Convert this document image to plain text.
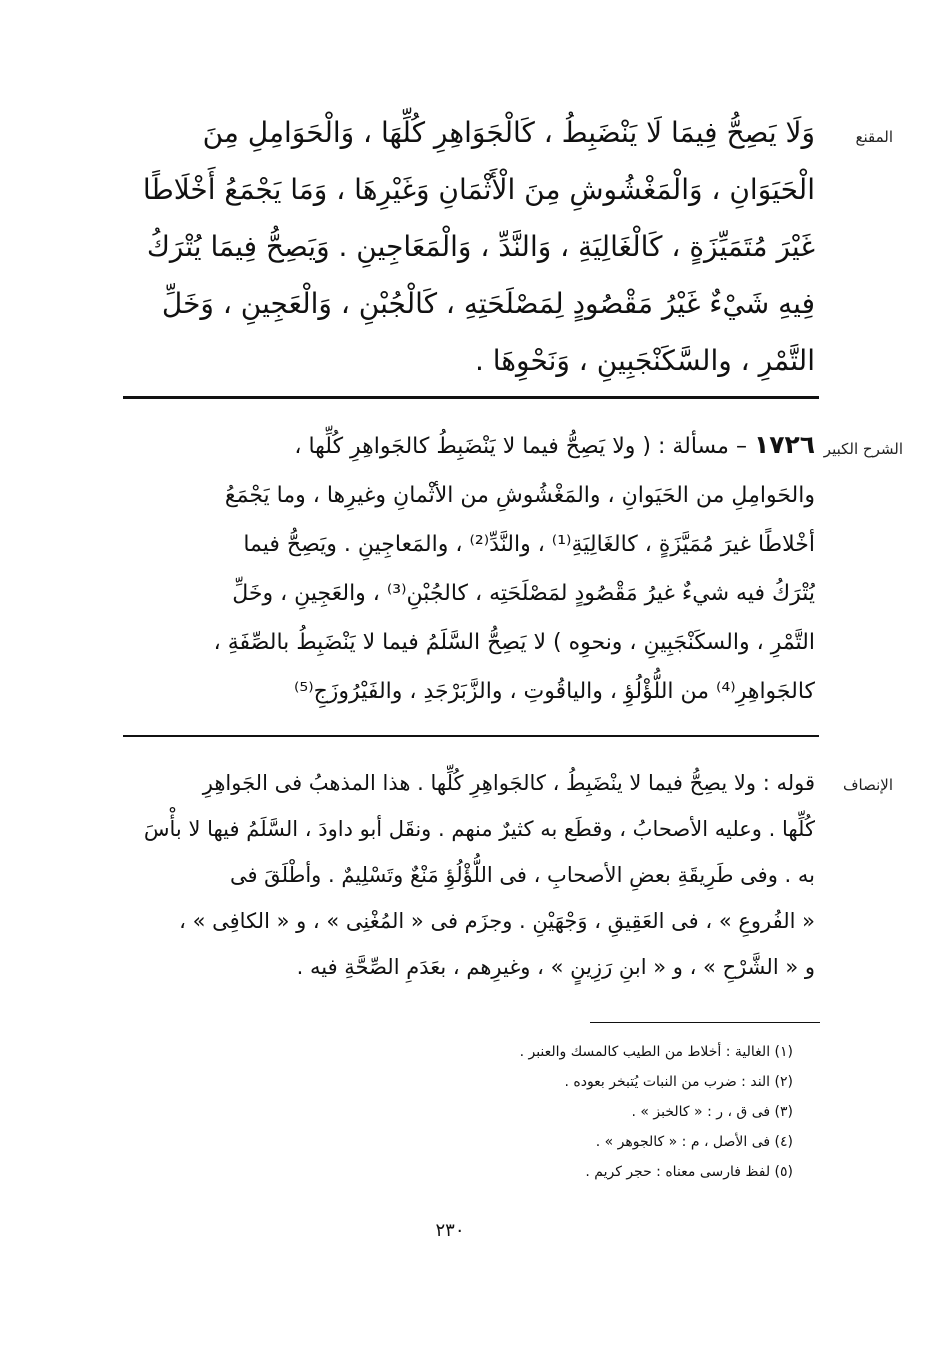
المقنع
وَلَا يَصِحُّ فِيمَا لَا يَنْضَبِطُ ، كَالْجَوَاهِرِ كُلِّهَا ، وَالْحَوَامِلِ مِنَ
الْحَيَوَانِ ، وَالْمَغْشُوشِ مِنَ الْأَثْمَانِ وَغَيْرِهَا ، وَمَا يَجْمَعُ أَخْلَاطًا
غَيْرَ مُتَمَيِّزَةٍ ، كَالْغَالِيَةِ ، وَالنَّدِّ ، وَالْمَعَاجِينِ . وَيَصِحُّ فِيمَا يُتْرَكُ
فِيهِ شَيْءٌ غَيْرُ مَقْصُودٍ لِمَصْلَحَتِهِ ، كَالْجُبْنِ ، وَالْعَجِينِ ، وَخَلِّ
التَّمْرِ ، والسَّكَنْجَبِينِ ، وَنَحْوِهَا .
الشرح الكبير
١٧٢٦ – مسألة : ( ولا يَصِحُّ فيما لا يَنْضَبِطُ كالجَواهِرِ كُلِّها ،
والحَوامِلِ من الحَيَوانِ ، والمَغْشُوشِ من الأثْمانِ وغيرِها ، وما يَجْمَعُ
أخْلاطًا غيرَ مُمَيَّزَةٍ ، كالغَالِيَةِ⁽¹⁾ ، والنَّدِّ⁽²⁾ ، والمَعاجِينِ . ويَصِحُّ فيما
يُتْرَكُ فيه شيءٌ غيرُ مَقْصُودٍ لمَصْلَحَتِه ، كالجُبْنِ⁽³⁾ ، والعَجِينِ ، وخَلِّ
التَّمْرِ ، والسكَنْجَبِينِ ، ونحوِه ) لا يَصِحُّ السَّلَمُ فيما لا يَنْضَبِطُ بالصِّفَةِ ،
كالجَواهِرِ⁽⁴⁾ من اللُّؤْلُؤِ ، والياقُوتِ ، والزَّبَرْجَدِ ، والفَيْرُوزَجِ⁽⁵⁾
الإنصاف
قوله : ولا يصِحُّ فيما لا ينْضَبِطُ ، كالجَواهِرِ كُلِّها . هذا المذهبُ فى الجَواهِرِ
كُلِّها . وعليه الأصحابُ ، وقطَع به كثيرٌ منهم . ونقَل أبو داودَ ، السَّلَمُ فيها لا بأْسَ
به . وفى طَرِيقَةِ بعضِ الأصحابِ ، فى اللُّؤْلُؤِ مَنْعٌ وتَسْلِيمٌ . وأطْلَقَ فى
« الفُروعِ » ، فى العَقِيقِ ، وَجْهَيْنِ . وجزَم فى « المُغْنِى » ، و « الكافِى » ،
و « الشَّرْحِ » ، و « ابنِ رَزِينٍ » ، وغيرِهم ، بعَدَمِ الصِّحَّةِ فيه .
(١) الغالية : أخلاط من الطيب كالمسك والعنبر .
(٢) الند : ضرب من النبات يُتبخر بعوده .
(٣) فى ق ، ر : « كالخبز » .
(٤) فى الأصل ، م : « كالجوهر » .
(٥) لفظ فارسى معناه : حجر كريم .
٢٣٠
